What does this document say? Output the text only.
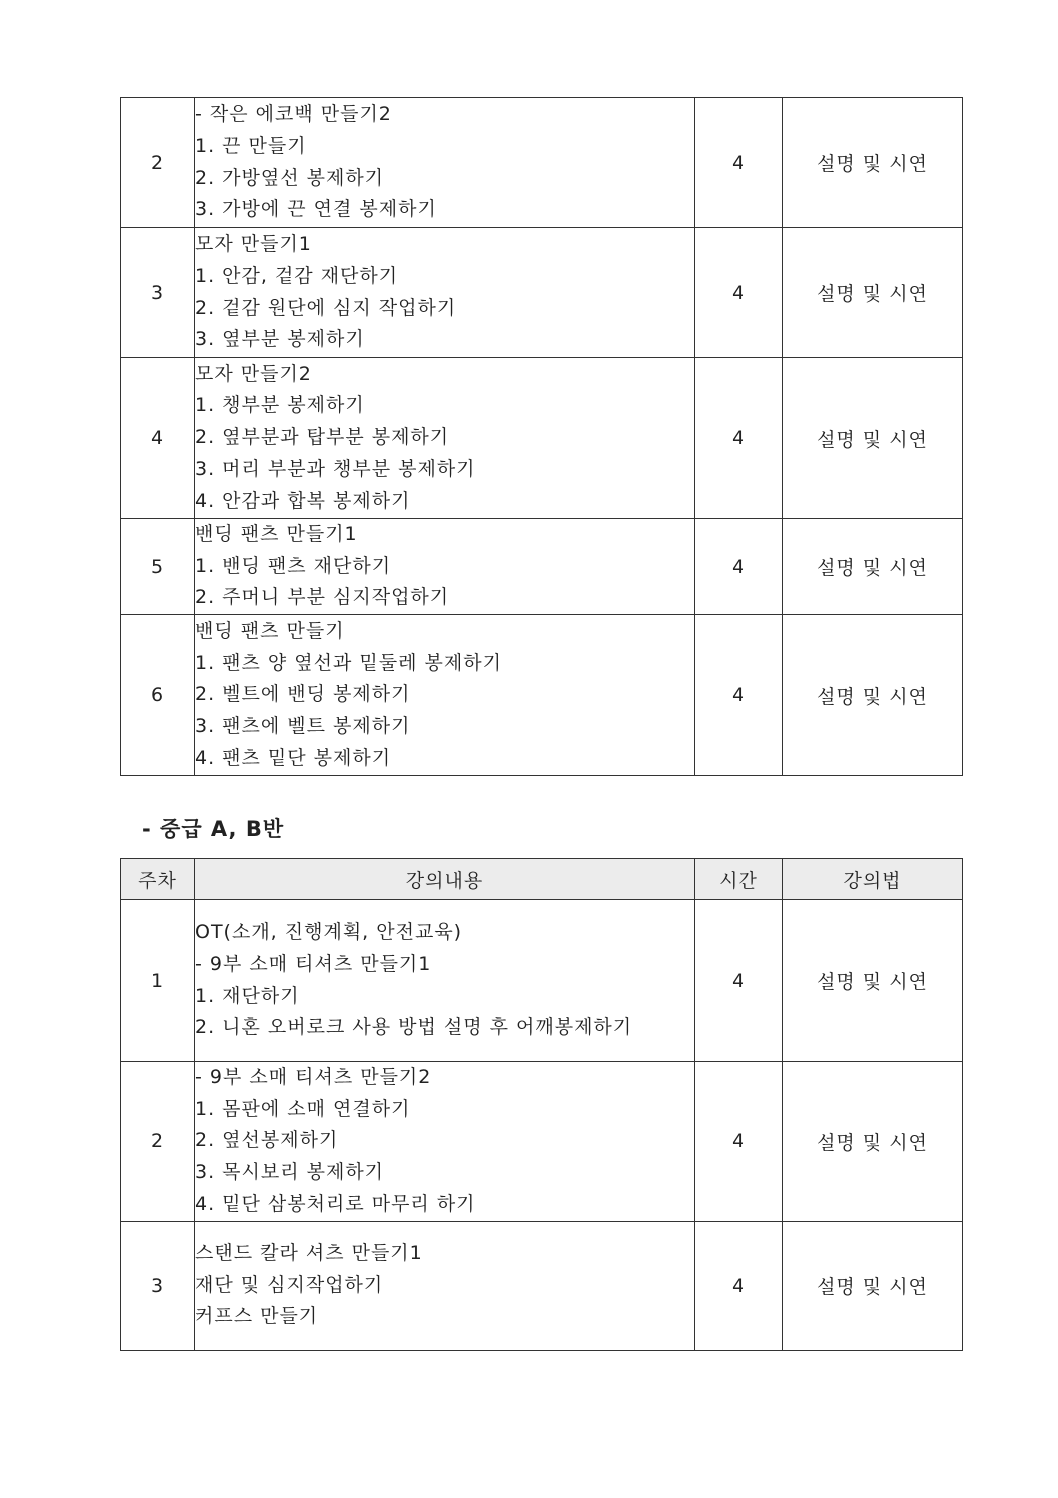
2	- 작은 에코백 만들기2
1. 끈 만들기
2. 가방옆선 봉제하기
3. 가방에 끈 연결 봉제하기	4	설명 및 시연
3	모자 만들기1
1. 안감, 겉감 재단하기
2. 겉감 원단에 심지 작업하기
3. 옆부분 봉제하기	4	설명 및 시연
4	모자 만들기2
1. 챙부분 봉제하기
2. 옆부분과 탑부분 봉제하기
3. 머리 부분과 챙부분 봉제하기
4. 안감과 합복 봉제하기	4	설명 및 시연
5	밴딩 팬츠 만들기1
1. 밴딩 팬츠 재단하기
2. 주머니 부분 심지작업하기	4	설명 및 시연
6	밴딩 팬츠 만들기
1. 팬츠 양 옆선과 밑둘레 봉제하기
2. 벨트에 밴딩 봉제하기
3. 팬츠에 벨트 봉제하기
4. 팬츠 밑단 봉제하기	4	설명 및 시연
- 중급 A, B반
주차	강의내용	시간	강의법
1	OT(소개, 진행계획, 안전교육)
- 9부 소매 티셔츠 만들기1
1. 재단하기
2. 니혼 오버로크 사용 방법 설명 후 어깨봉제하기	4	설명 및 시연
2	- 9부 소매 티셔츠 만들기2
1. 몸판에 소매 연결하기
2. 옆선봉제하기
3. 목시보리 봉제하기
4. 밑단 삼봉처리로 마무리 하기	4	설명 및 시연
3	스탠드 칼라 셔츠 만들기1
재단 및 심지작업하기
커프스 만들기	4	설명 및 시연
